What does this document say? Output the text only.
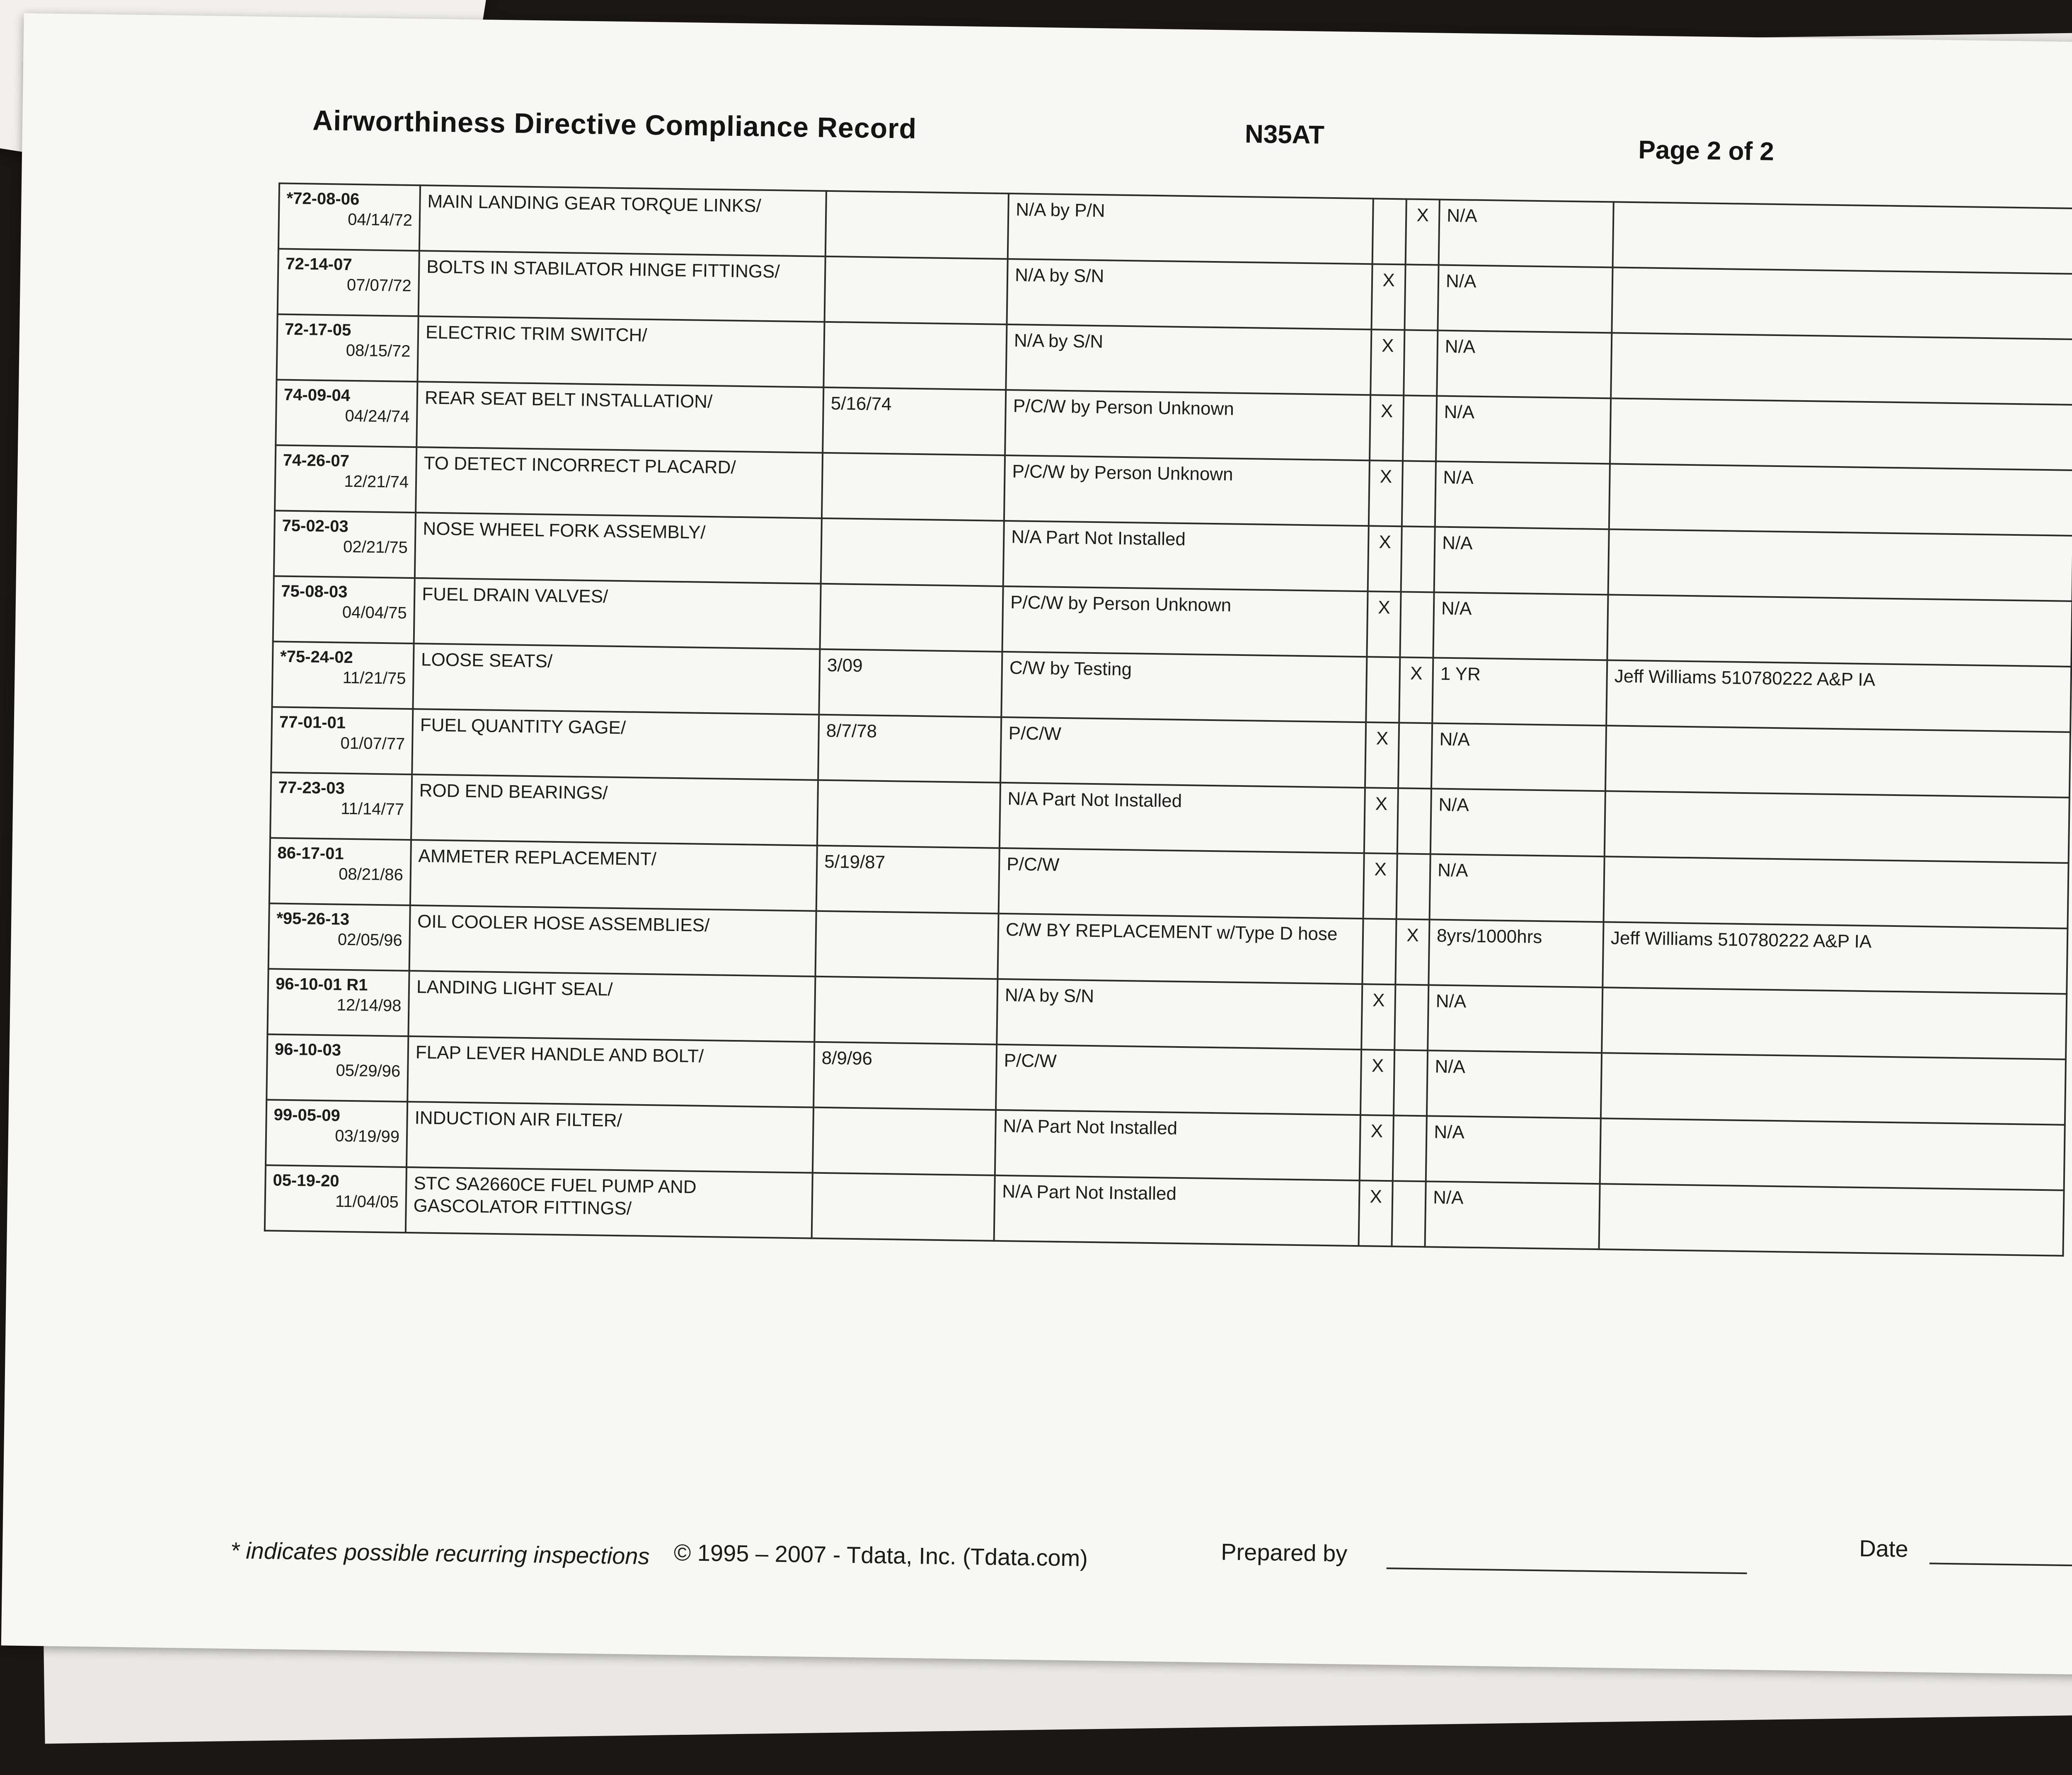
Airworthiness Directive Compliance Record	N35AT
Page 2 of 2
*72-08-06
04/14/72	MAIN LANDING GEAR TORQUE LINKS/		N/A by P/N		X	N/A	

72-14-07
07/07/72	BOLTS IN STABILATOR HINGE FITTINGS/		N/A by S/N	X		N/A	

72-17-05
08/15/72	ELECTRIC TRIM SWITCH/		N/A by S/N	X		N/A	

74-09-04
04/24/74	REAR SEAT BELT INSTALLATION/	5/16/74	P/C/W by Person Unknown	X		N/A	

74-26-07
12/21/74	TO DETECT INCORRECT PLACARD/		P/C/W by Person Unknown	X		N/A	

75-02-03
02/21/75	NOSE WHEEL FORK ASSEMBLY/		N/A Part Not Installed	X		N/A	

75-08-03
04/04/75	FUEL DRAIN VALVES/		P/C/W by Person Unknown	X		N/A	

*75-24-02
11/21/75	LOOSE SEATS/	3/09	C/W by Testing		X	1 YR	Jeff Williams 510780222 A&P IA

77-01-01
01/07/77	FUEL QUANTITY GAGE/	8/7/78	P/C/W	X		N/A	

77-23-03
11/14/77	ROD END BEARINGS/		N/A Part Not Installed	X		N/A	

86-17-01
08/21/86	AMMETER REPLACEMENT/	5/19/87	P/C/W	X		N/A	

*95-26-13
02/05/96	OIL COOLER HOSE ASSEMBLIES/		C/W BY REPLACEMENT w/Type D hose		X	8yrs/1000hrs	Jeff Williams 510780222 A&P IA

96-10-01 R1
12/14/98	LANDING LIGHT SEAL/		N/A by S/N	X		N/A	

96-10-03
05/29/96	FLAP LEVER HANDLE AND BOLT/	8/9/96	P/C/W	X		N/A	

99-05-09
03/19/99	INDUCTION AIR FILTER/		N/A Part Not Installed	X		N/A	

05-19-20
11/04/05	STC SA2660CE FUEL PUMP AND GASCOLATOR FITTINGS/		N/A Part Not Installed	X		N/A	
* indicates possible recurring inspections © 1995 – 2007 - Tdata, Inc. (Tdata.com)	Prepared by	Date
